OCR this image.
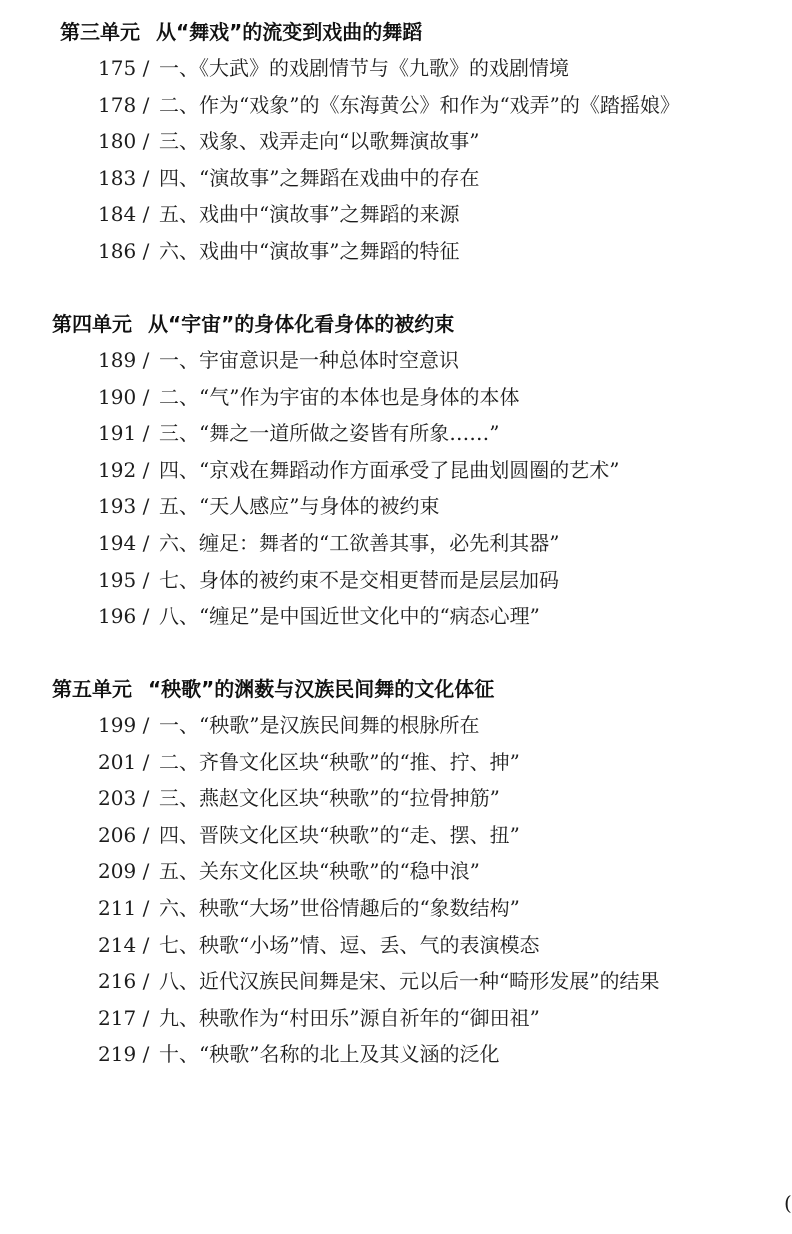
第三单元 从“舞戏”的流变到戏曲的舞蹈
175 / 一、《大武》的戏剧情节与《九歌》的戏剧情境
178 / 二、作为“戏象”的《东海黄公》和作为“戏弄”的《踏摇娘》
180 / 三、戏象、戏弄走向“以歌舞演故事”
183 / 四、“演故事”之舞蹈在戏曲中的存在
184 / 五、戏曲中“演故事”之舞蹈的来源
186 / 六、戏曲中“演故事”之舞蹈的特征
第四单元 从“宇宙”的身体化看身体的被约束
189 / 一、宇宙意识是一种总体时空意识
190 / 二、“气”作为宇宙的本体也是身体的本体
191 / 三、“舞之一道所做之姿皆有所象……”
192 / 四、“京戏在舞蹈动作方面承受了昆曲划圆圈的艺术”
193 / 五、“天人感应”与身体的被约束
194 / 六、缠足：舞者的“工欲善其事，必先利其器”
195 / 七、身体的被约束不是交相更替而是层层加码
196 / 八、“缠足”是中国近世文化中的“病态心理”
第五单元 “秧歌”的渊薮与汉族民间舞的文化体征
199 / 一、“秧歌”是汉族民间舞的根脉所在
201 / 二、齐鲁文化区块“秧歌”的“推、拧、抻”
203 / 三、燕赵文化区块“秧歌”的“拉骨抻筋”
206 / 四、晋陕文化区块“秧歌”的“走、摆、扭”
209 / 五、关东文化区块“秧歌”的“稳中浪”
211 / 六、秧歌“大场”世俗情趣后的“象数结构”
214 / 七、秧歌“小场”情、逗、丢、气的表演模态
216 / 八、近代汉族民间舞是宋、元以后一种“畸形发展”的结果
217 / 九、秧歌作为“村田乐”源自祈年的“御田祖”
219 / 十、“秧歌”名称的北上及其义涵的泛化
(
